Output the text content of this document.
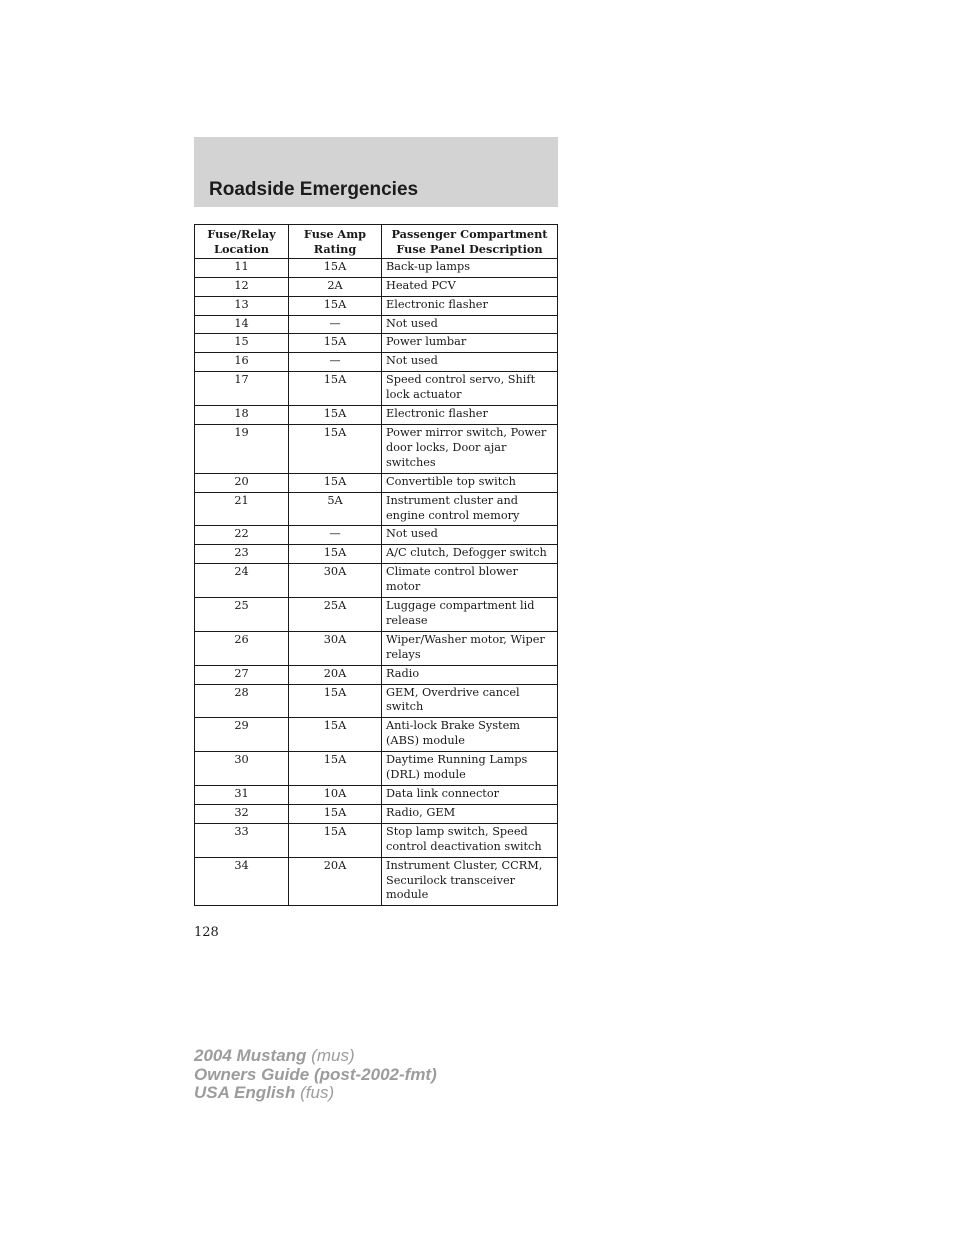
Roadside Emergencies
Fuse/Relay Location	Fuse Amp Rating	Passenger Compartment Fuse Panel Description
11	15A	Back-up lamps
12	2A	Heated PCV
13	15A	Electronic flasher
14	—	Not used
15	15A	Power lumbar
16	—	Not used
17	15A	Speed control servo, Shift lock actuator
18	15A	Electronic flasher
19	15A	Power mirror switch, Power door locks, Door ajar switches
20	15A	Convertible top switch
21	5A	Instrument cluster and engine control memory
22	—	Not used
23	15A	A/C clutch, Defogger switch
24	30A	Climate control blower motor
25	25A	Luggage compartment lid release
26	30A	Wiper/Washer motor, Wiper relays
27	20A	Radio
28	15A	GEM, Overdrive cancel switch
29	15A	Anti-lock Brake System (ABS) module
30	15A	Daytime Running Lamps (DRL) module
31	10A	Data link connector
32	15A	Radio, GEM
33	15A	Stop lamp switch, Speed control deactivation switch
34	20A	Instrument Cluster, CCRM, Securilock transceiver module
128
2004 Mustang (mus)
Owners Guide (post-2002-fmt)
USA English (fus)
